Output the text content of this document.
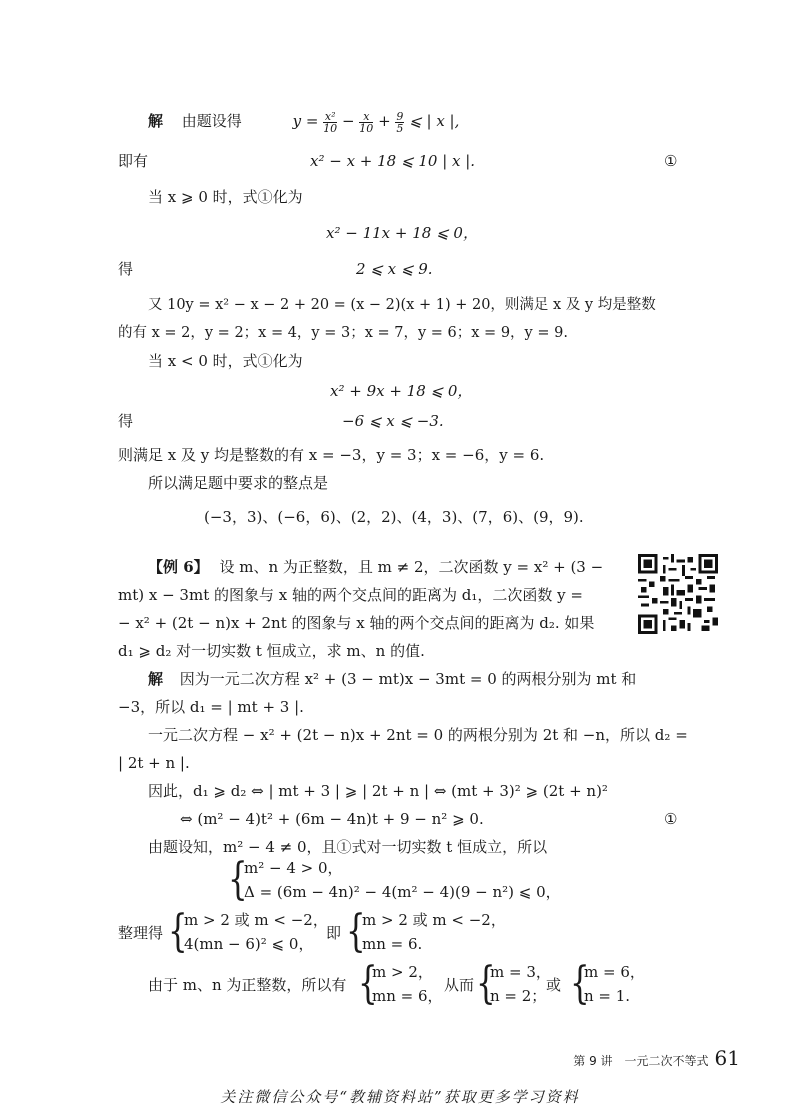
解 由题设得	$y = \frac{\text{x²}}{10} - \frac{x}{10} + \frac{9}{5}$ ⩽ | x |,
即有	x² − x + 18 ⩽ 10 | x |.	①
当 x ⩾ 0 时，式①化为
x² − 11x + 18 ⩽ 0，
得	2 ⩽ x ⩽ 9.
又 10y = x² − x − 2 + 20 = (x − 2)(x + 1) + 20，则满足 x 及 y 均是整数
的有 x = 2，y = 2；x = 4，y = 3；x = 7，y = 6；x = 9，y = 9.
当 x < 0 时，式①化为
x² + 9x + 18 ⩽ 0，
得	−6 ⩽ x ⩽ −3.
则满足 x 及 y 均是整数的有 x = −3，y = 3；x = −6，y = 6.
所以满足题中要求的整点是
(−3，3)、(−6，6)、(2，2)、(4，3)、(7，6)、(9，9).
【例 6】 设 m、n 为正整数，且 m ≠ 2，二次函数 y = x² + (3 −
mt) x − 3mt 的图象与 x 轴的两个交点间的距离为 d₁，二次函数 y =
− x² + (2t − n)x + 2nt 的图象与 x 轴的两个交点间的距离为 d₂. 如果
d₁ ⩾ d₂ 对一切实数 t 恒成立，求 m、n 的值.
解 因为一元二次方程 x² + (3 − mt)x − 3mt = 0 的两根分别为 mt 和
−3，所以 d₁ = | mt + 3 |.
一元二次方程 − x² + (2t − n)x + 2nt = 0 的两根分别为 2t 和 −n，所以 d₂ =
| 2t + n |.
因此，d₁ ⩾ d₂ ⇔ | mt + 3 | ⩾ | 2t + n | ⇔ (mt + 3)² ⩾ (2t + n)²
⇔ (m² − 4)t² + (6m − 4n)t + 9 − n² ⩾ 0.	①
由题设知，m² − 4 ≠ 0，且①式对一切实数 t 恒成立，所以
{
m² − 4 > 0，
Δ = (6m − 4n)² − 4(m² − 4)(9 − n²) ⩽ 0，
整理得 {
m > 2 或 m < −2，
4(mn − 6)² ⩽ 0，
即 {
m > 2 或 m < −2，
mn = 6.
由于 m、n 为正整数，所以有 {
m > 2，
mn = 6，
从而 {
m = 3，
n = 2；
或 {
m = 6，
n = 1.
第 9 讲　一元二次不等式 61
关注微信公众号“教辅资料站”获取更多学习资料
